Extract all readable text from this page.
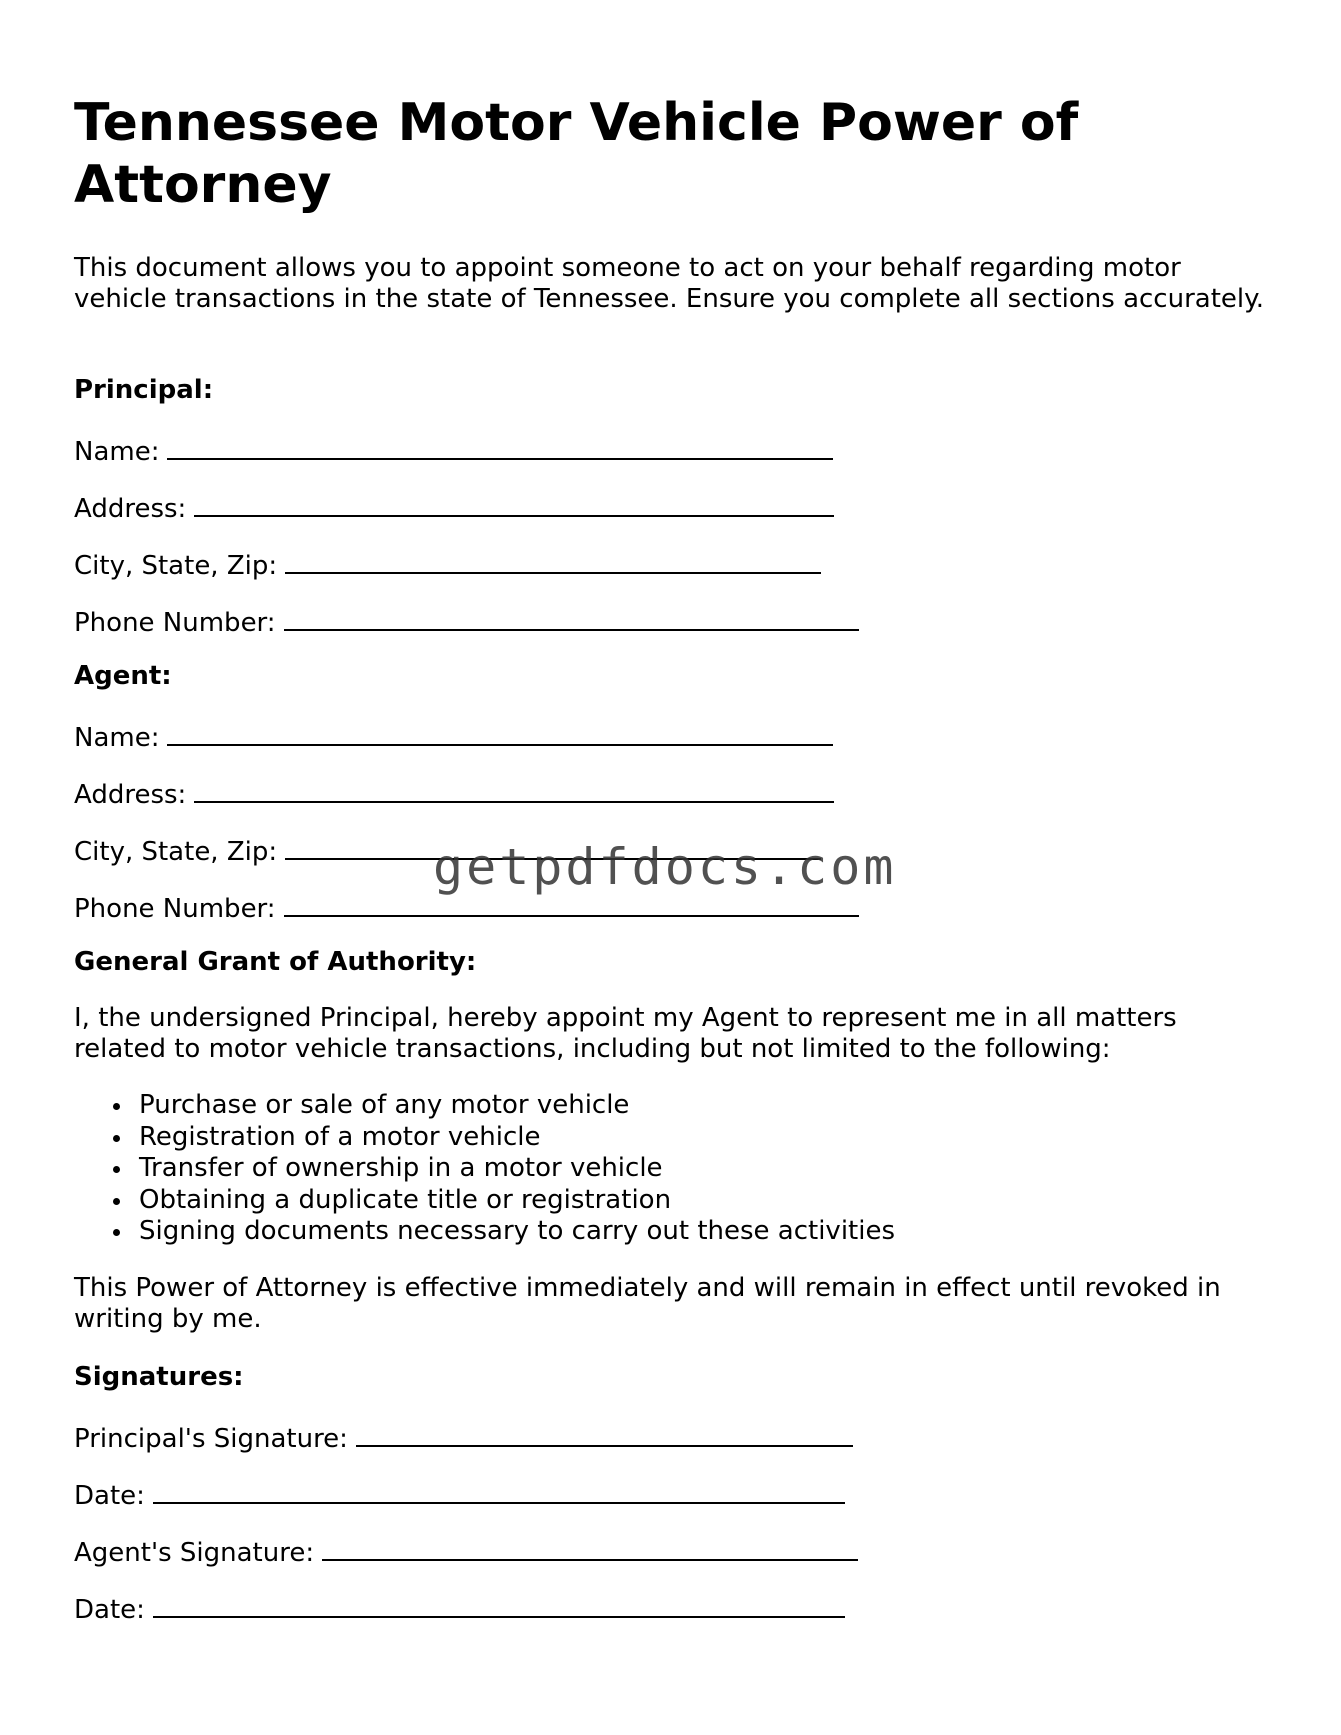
Tennessee Motor Vehicle Power of Attorney
This document allows you to appoint someone to act on your behalf regarding motor vehicle transactions in the state of Tennessee. Ensure you complete all sections accurately.
Principal:
Name:
Address:
City, State, Zip:
Phone Number:
Agent:
Name:
Address:
City, State, Zip:
Phone Number:
General Grant of Authority:
I, the undersigned Principal, hereby appoint my Agent to represent me in all matters related to motor vehicle transactions, including but not limited to the following:
Purchase or sale of any motor vehicle
Registration of a motor vehicle
Transfer of ownership in a motor vehicle
Obtaining a duplicate title or registration
Signing documents necessary to carry out these activities
This Power of Attorney is effective immediately and will remain in effect until revoked in writing by me.
Signatures:
Principal's Signature:
Date:
Agent's Signature:
Date:
getpdfdocs.com
